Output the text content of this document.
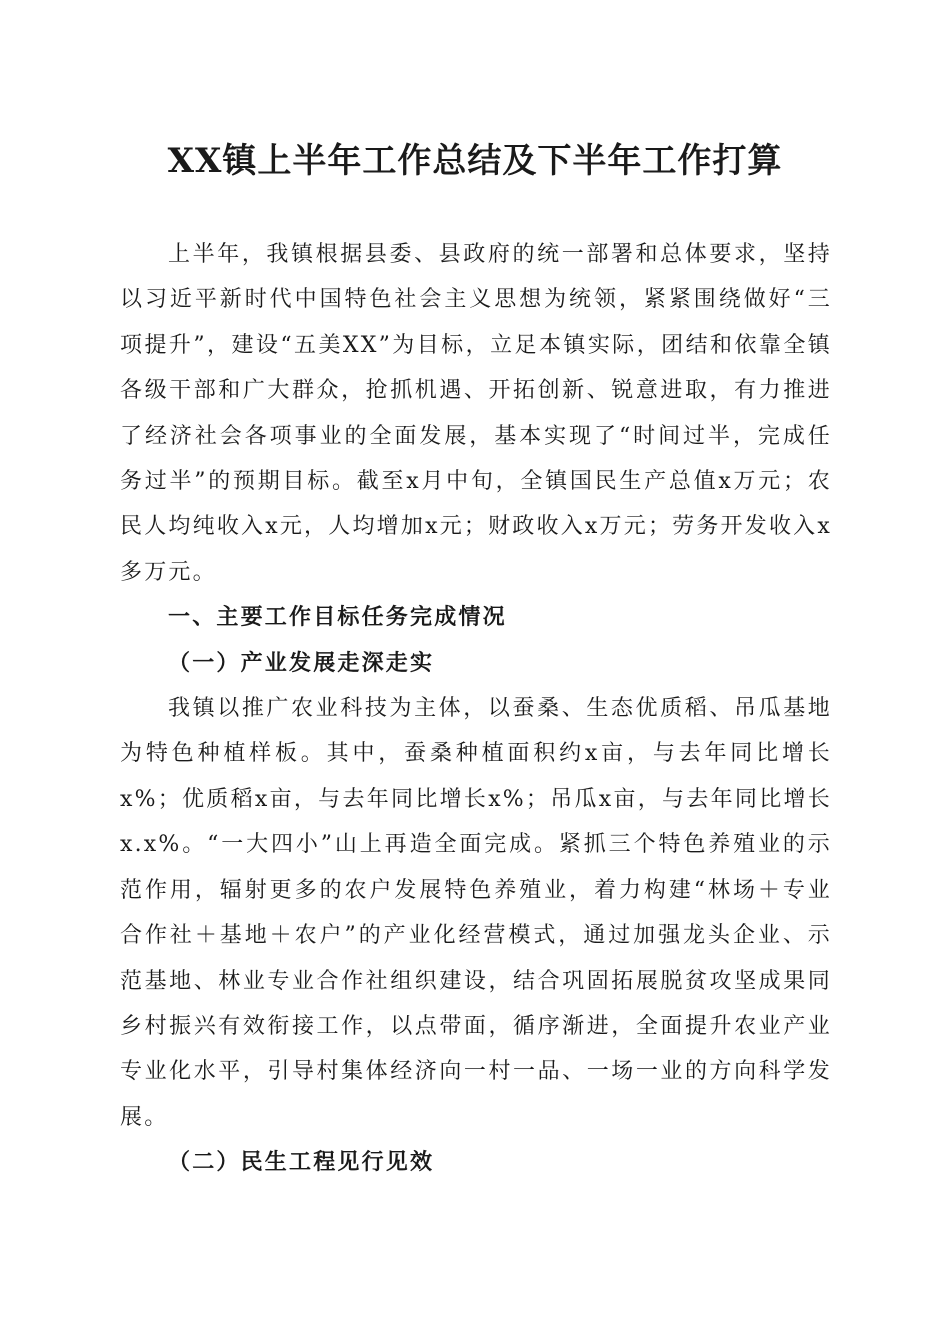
XX镇上半年工作总结及下半年工作打算

上半年，我镇根据县委、县政府的统一部署和总体要求，坚持以习近平新时代中国特色社会主义思想为统领，紧紧围绕做好“三项提升”，建设“五美XX”为目标，立足本镇实际，团结和依靠全镇各级干部和广大群众，抢抓机遇、开拓创新、锐意进取，有力推进了经济社会各项事业的全面发展，基本实现了“时间过半，完成任务过半”的预期目标。截至x月中旬，全镇国民生产总值x万元；农民人均纯收入x元，人均增加x元；财政收入x万元；劳务开发收入x多万元。

一、主要工作目标任务完成情况

（一）产业发展走深走实

我镇以推广农业科技为主体，以蚕桑、生态优质稻、吊瓜基地为特色种植样板。其中，蚕桑种植面积约x亩，与去年同比增长x%；优质稻x亩，与去年同比增长x%；吊瓜x亩，与去年同比增长x.x%。“一大四小”山上再造全面完成。紧抓三个特色养殖业的示范作用，辐射更多的农户发展特色养殖业，着力构建“林场＋专业合作社＋基地＋农户”的产业化经营模式，通过加强龙头企业、示范基地、林业专业合作社组织建设，结合巩固拓展脱贫攻坚成果同乡村振兴有效衔接工作，以点带面，循序渐进，全面提升农业产业专业化水平，引导村集体经济向一村一品、一场一业的方向科学发展。

（二）民生工程见行见效
